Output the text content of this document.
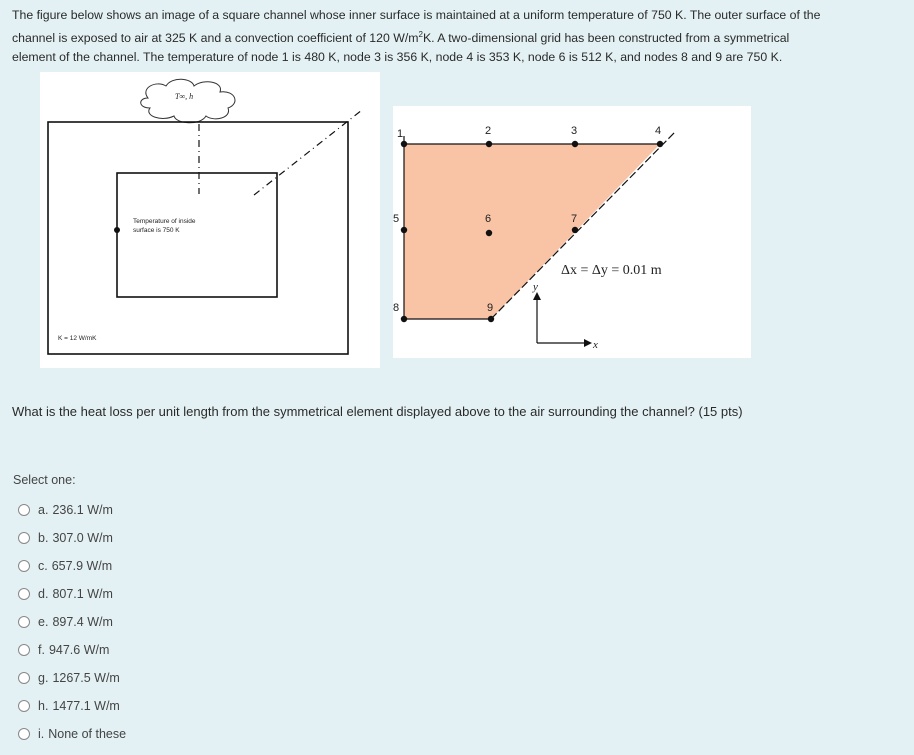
The figure below shows an image of a square channel whose inner surface is maintained at a uniform temperature of 750 K. The outer surface of the
channel is exposed to air at 325 K and a convection coefficient of 120 $W/m^2K$. A two-dimensional grid has been constructed from a symmetrical
element of the channel. The temperature of node 1 is 480 K, node 3 is 356 K, node 4 is 353 K, node 6 is 512 K, and nodes 8 and 9 are 750 K.
T∞, h
Temperature of inside
surface is 750 K
K = 12 W/mK
1	2	3	4
5	6	7
8	9
Δx = Δy = 0.01 m
y
x
What is the heat loss per unit length from the symmetrical element displayed above to the air surrounding the channel? (15 pts)
Select one:
a. 236.1 W/m
b. 307.0 W/m
c. 657.9 W/m
d. 807.1 W/m
e. 897.4 W/m
f. 947.6 W/m
g. 1267.5 W/m
h. 1477.1 W/m
i. None of these
